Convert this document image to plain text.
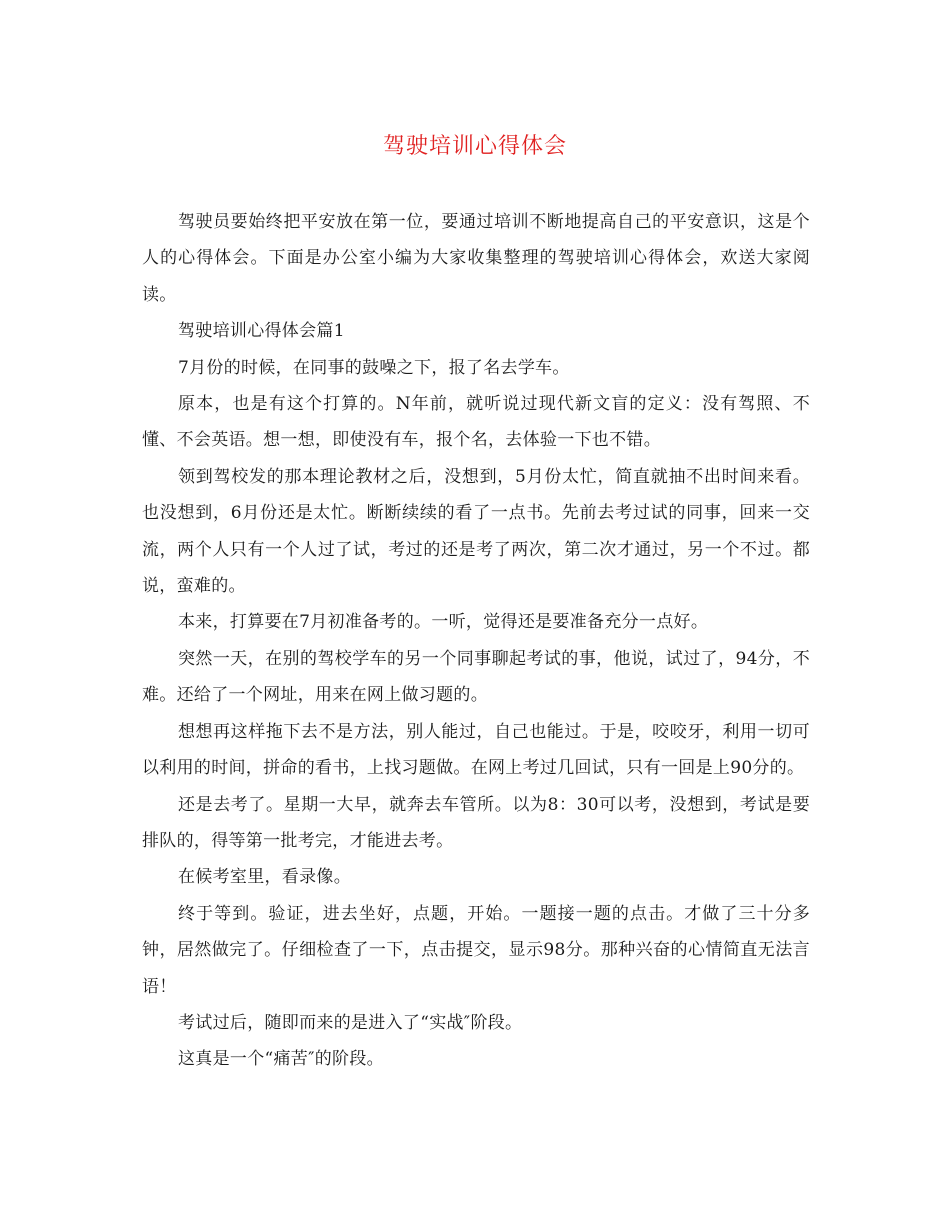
驾驶培训心得体会

驾驶员要始终把平安放在第一位，要通过培训不断地提高自己的平安意识，这是个人的心得体会。下面是办公室小编为大家收集整理的驾驶培训心得体会，欢送大家阅读。

驾驶培训心得体会篇1

7月份的时候，在同事的鼓噪之下，报了名去学车。

原本，也是有这个打算的。N年前，就听说过现代新文盲的定义：没有驾照、不懂、不会英语。想一想，即使没有车，报个名，去体验一下也不错。

领到驾校发的那本理论教材之后，没想到，5月份太忙，简直就抽不出时间来看。也没想到，6月份还是太忙。断断续续的看了一点书。先前去考过试的同事，回来一交流，两个人只有一个人过了试，考过的还是考了两次，第二次才通过，另一个不过。都说，蛮难的。

本来，打算要在7月初准备考的。一听，觉得还是要准备充分一点好。

突然一天，在别的驾校学车的另一个同事聊起考试的事，他说，试过了，94分，不难。还给了一个网址，用来在网上做习题的。

想想再这样拖下去不是方法，别人能过，自己也能过。于是，咬咬牙，利用一切可以利用的时间，拼命的看书，上找习题做。在网上考过几回试，只有一回是上90分的。

还是去考了。星期一大早，就奔去车管所。以为8：30可以考，没想到，考试是要排队的，得等第一批考完，才能进去考。

在候考室里，看录像。

终于等到。验证，进去坐好，点题，开始。一题接一题的点击。才做了三十分多钟，居然做完了。仔细检查了一下，点击提交，显示98分。那种兴奋的心情简直无法言语！

考试过后，随即而来的是进入了“实战″阶段。

这真是一个“痛苦″的阶段。
